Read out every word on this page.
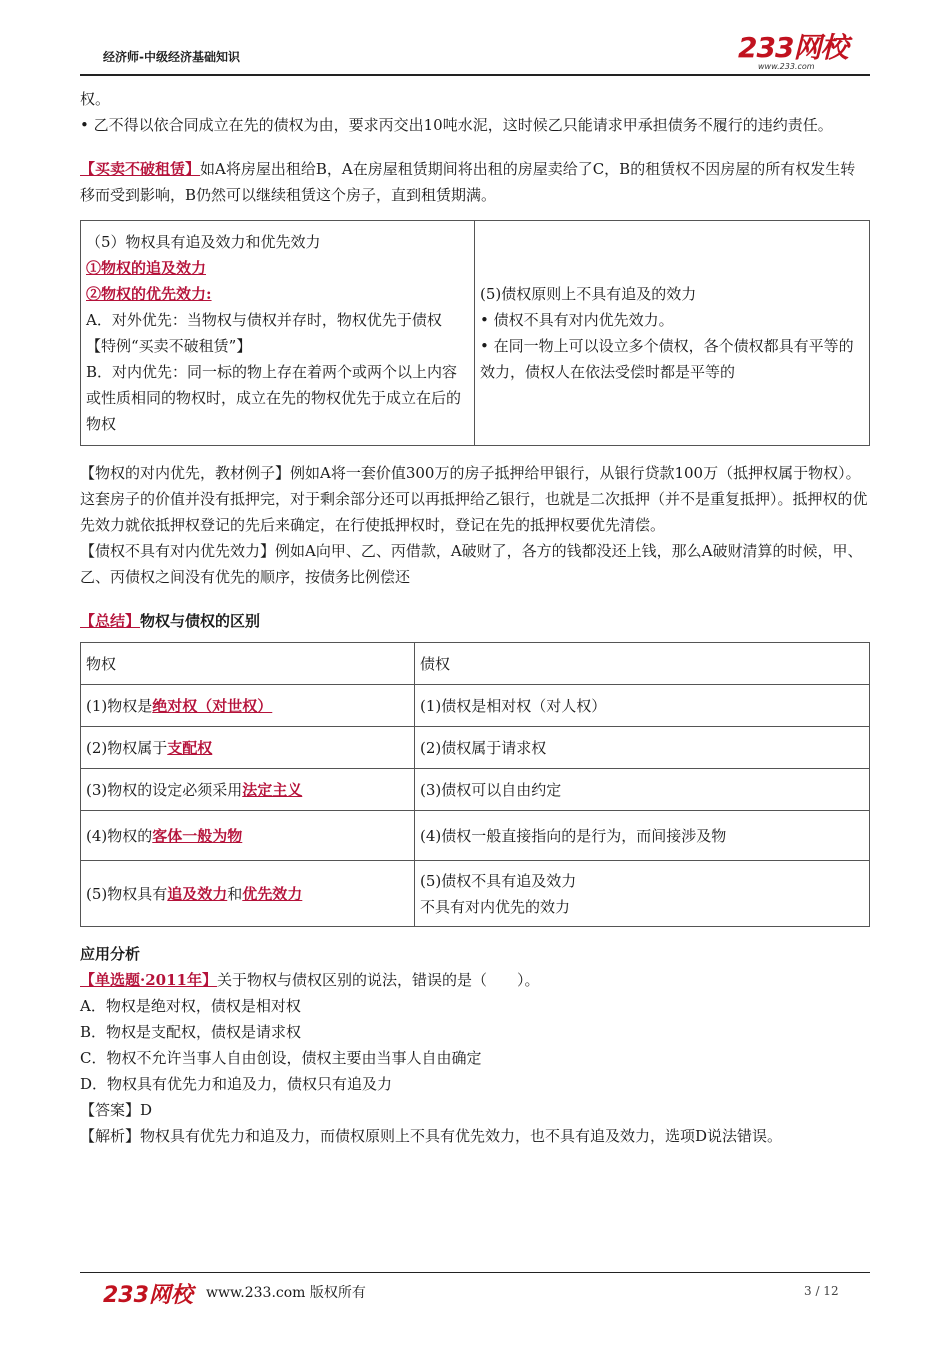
经济师-中级经济基础知识	233网校
www.233.com

权。

• 乙不得以依合同成立在先的债权为由，要求丙交出10吨水泥，这时候乙只能请求甲承担债务不履行的违约责任。

【买卖不破租赁】如A将房屋出租给B，A在房屋租赁期间将出租的房屋卖给了C，B的租赁权不因房屋的所有权发生转移而受到影响，B仍然可以继续租赁这个房子，直到租赁期满。

（5）物权具有追及效力和优先效力
①物权的追及效力
②物权的优先效力:
A．对外优先：当物权与债权并存时，物权优先于债权【特例“买卖不破租赁”】
B．对内优先：同一标的物上存在着两个或两个以上内容或性质相同的物权时，成立在先的物权优先于成立在后的物权

(5)债权原则上不具有追及的效力
• 债权不具有对内优先效力。
• 在同一物上可以设立多个债权，各个债权都具有平等的效力，债权人在依法受偿时都是平等的

【物权的对内优先，教材例子】例如A将一套价值300万的房子抵押给甲银行，从银行贷款100万（抵押权属于物权）。这套房子的价值并没有抵押完，对于剩余部分还可以再抵押给乙银行，也就是二次抵押（并不是重复抵押）。抵押权的优先效力就依抵押权登记的先后来确定，在行使抵押权时，登记在先的抵押权要优先清偿。

【债权不具有对内优先效力】例如A向甲、乙、丙借款，A破财了，各方的钱都没还上钱，那么A破财清算的时候，甲、乙、丙债权之间没有优先的顺序，按债务比例偿还

【总结】物权与债权的区别

物权	债权
(1)物权是绝对权（对世权）	(1)债权是相对权（对人权）
(2)物权属于支配权	(2)债权属于请求权
(3)物权的设定必须采用法定主义	(3)债权可以自由约定
(4)物权的客体一般为物	(4)债权一般直接指向的是行为，而间接涉及物
(5)物权具有追及效力和优先效力	(5)债权不具有追及效力
不具有对内优先的效力

应用分析

【单选题·2011年】关于物权与债权区别的说法，错误的是（　　）。

A．物权是绝对权，债权是相对权

B．物权是支配权，债权是请求权

C．物权不允许当事人自由创设，债权主要由当事人自由确定

D．物权具有优先力和追及力，债权只有追及力

【答案】D

【解析】物权具有优先力和追及力，而债权原则上不具有优先效力，也不具有追及效力，选项D说法错误。

233网校 www.233.com 版权所有	3 / 12
